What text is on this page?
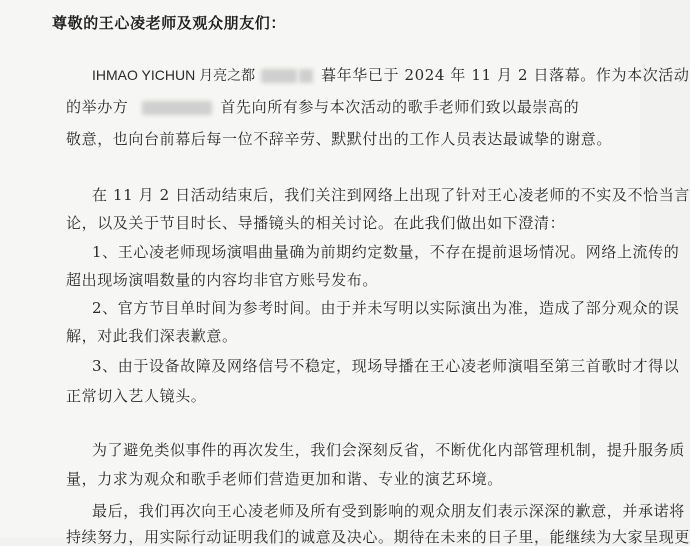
尊敬的王心凌老师及观众朋友们：
IHMAO YICHUN 月亮之都	暮年华已于 2024 年 11 月 2 日落幕。作为本次活动
的举办方	首先向所有参与本次活动的歌手老师们致以最崇高的
敬意，也向台前幕后每一位不辞辛劳、默默付出的工作人员表达最诚挚的谢意。
在 11 月 2 日活动结束后，我们关注到网络上出现了针对王心凌老师的不实及不恰当言
论，以及关于节目时长、导播镜头的相关讨论。在此我们做出如下澄清：
1、王心凌老师现场演唱曲量确为前期约定数量，不存在提前退场情况。网络上流传的
超出现场演唱数量的内容均非官方账号发布。
2、官方节目单时间为参考时间。由于并未写明以实际演出为准，造成了部分观众的误
解，对此我们深表歉意。
3、由于设备故障及网络信号不稳定，现场导播在王心凌老师演唱至第三首歌时才得以
正常切入艺人镜头。
为了避免类似事件的再次发生，我们会深刻反省，不断优化内部管理机制，提升服务质
量，力求为观众和歌手老师们营造更加和谐、专业的演艺环境。
最后，我们再次向王心凌老师及所有受到影响的观众朋友们表示深深的歉意，并承诺将
持续努力，用实际行动证明我们的诚意及决心。期待在未来的日子里，能继续为大家呈现更
